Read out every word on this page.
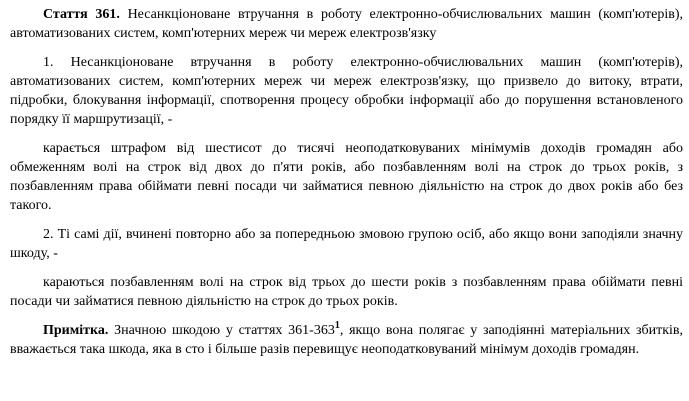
Стаття 361. Несанкціоноване втручання в роботу електронно-обчислювальних машин (комп'ютерів), автоматизованих систем, комп'ютерних мереж чи мереж електрозв'язку

1. Несанкціоноване втручання в роботу електронно-обчислювальних машин (комп'ютерів), автоматизованих систем, комп'ютерних мереж чи мереж електрозв'язку, що призвело до витоку, втрати, підробки, блокування інформації, спотворення процесу обробки інформації або до порушення встановленого порядку її маршрутизації, -

карається штрафом від шестисот до тисячі неоподатковуваних мінімумів доходів громадян або обмеженням волі на строк від двох до п'яти років, або позбавленням волі на строк до трьох років, з позбавленням права обіймати певні посади чи займатися певною діяльністю на строк до двох років або без такого.

2. Ті самі дії, вчинені повторно або за попередньою змовою групою осіб, або якщо вони заподіяли значну шкоду, -

караються позбавленням волі на строк від трьох до шести років з позбавленням права обіймати певні посади чи займатися певною діяльністю на строк до трьох років.

Примітка. Значною шкодою у статтях $361-363^1$, якщо вона полягає у заподіянні матеріальних збитків, вважається така шкода, яка в сто і більше разів перевищує неоподатковуваний мінімум доходів громадян.
